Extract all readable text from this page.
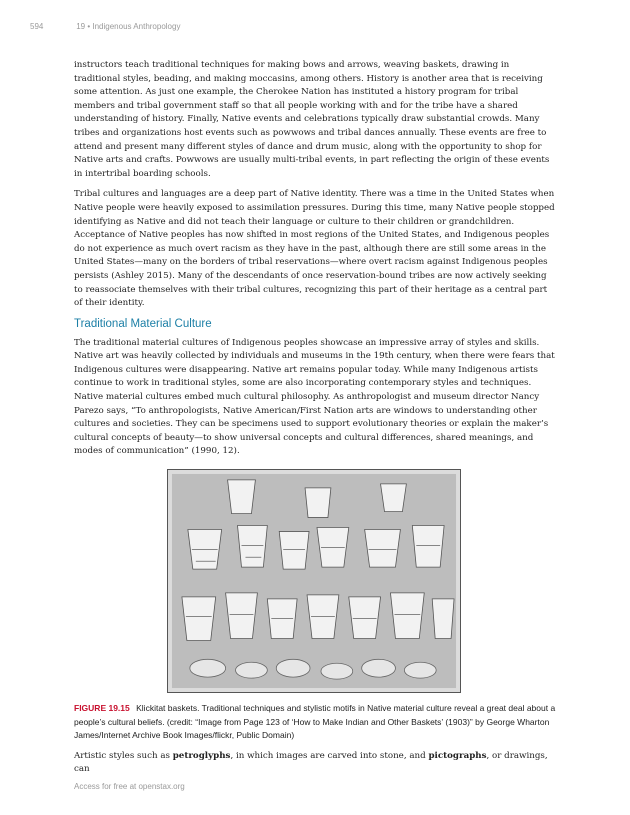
594	19 • Indigenous Anthropology

instructors teach traditional techniques for making bows and arrows, weaving baskets, drawing in traditional styles, beading, and making moccasins, among others. History is another area that is receiving some attention. As just one example, the Cherokee Nation has instituted a history program for tribal members and tribal government staff so that all people working with and for the tribe have a shared understanding of history. Finally, Native events and celebrations typically draw substantial crowds. Many tribes and organizations host events such as powwows and tribal dances annually. These events are free to attend and present many different styles of dance and drum music, along with the opportunity to shop for Native arts and crafts. Powwows are usually multi-tribal events, in part reflecting the origin of these events in intertribal boarding schools.

Tribal cultures and languages are a deep part of Native identity. There was a time in the United States when Native people were heavily exposed to assimilation pressures. During this time, many Native people stopped identifying as Native and did not teach their language or culture to their children or grandchildren. Acceptance of Native peoples has now shifted in most regions of the United States, and Indigenous peoples do not experience as much overt racism as they have in the past, although there are still some areas in the United States—many on the borders of tribal reservations—where overt racism against Indigenous peoples persists (Ashley 2015). Many of the descendants of once reservation-bound tribes are now actively seeking to reassociate themselves with their tribal cultures, recognizing this part of their heritage as a central part of their identity.

Traditional Material Culture

The traditional material cultures of Indigenous peoples showcase an impressive array of styles and skills. Native art was heavily collected by individuals and museums in the 19th century, when there were fears that Indigenous cultures were disappearing. Native art remains popular today. While many Indigenous artists continue to work in traditional styles, some are also incorporating contemporary styles and techniques. Native material cultures embed much cultural philosophy. As anthropologist and museum director Nancy Parezo says, “To anthropologists, Native American/First Nation arts are windows to understanding other cultures and societies. They can be specimens used to support evolutionary theories or explain the maker’s cultural concepts of beauty—to show universal concepts and cultural differences, shared meanings, and modes of communication” (1990, 12).

FIGURE 19.15 Klickitat baskets. Traditional techniques and stylistic motifs in Native material culture reveal a great deal about a people’s cultural beliefs. (credit: “Image from Page 123 of ‘How to Make Indian and Other Baskets’ (1903)” by George Wharton James/Internet Archive Book Images/flickr, Public Domain)

Artistic styles such as petroglyphs, in which images are carved into stone, and pictographs, or drawings, can

Access for free at openstax.org
